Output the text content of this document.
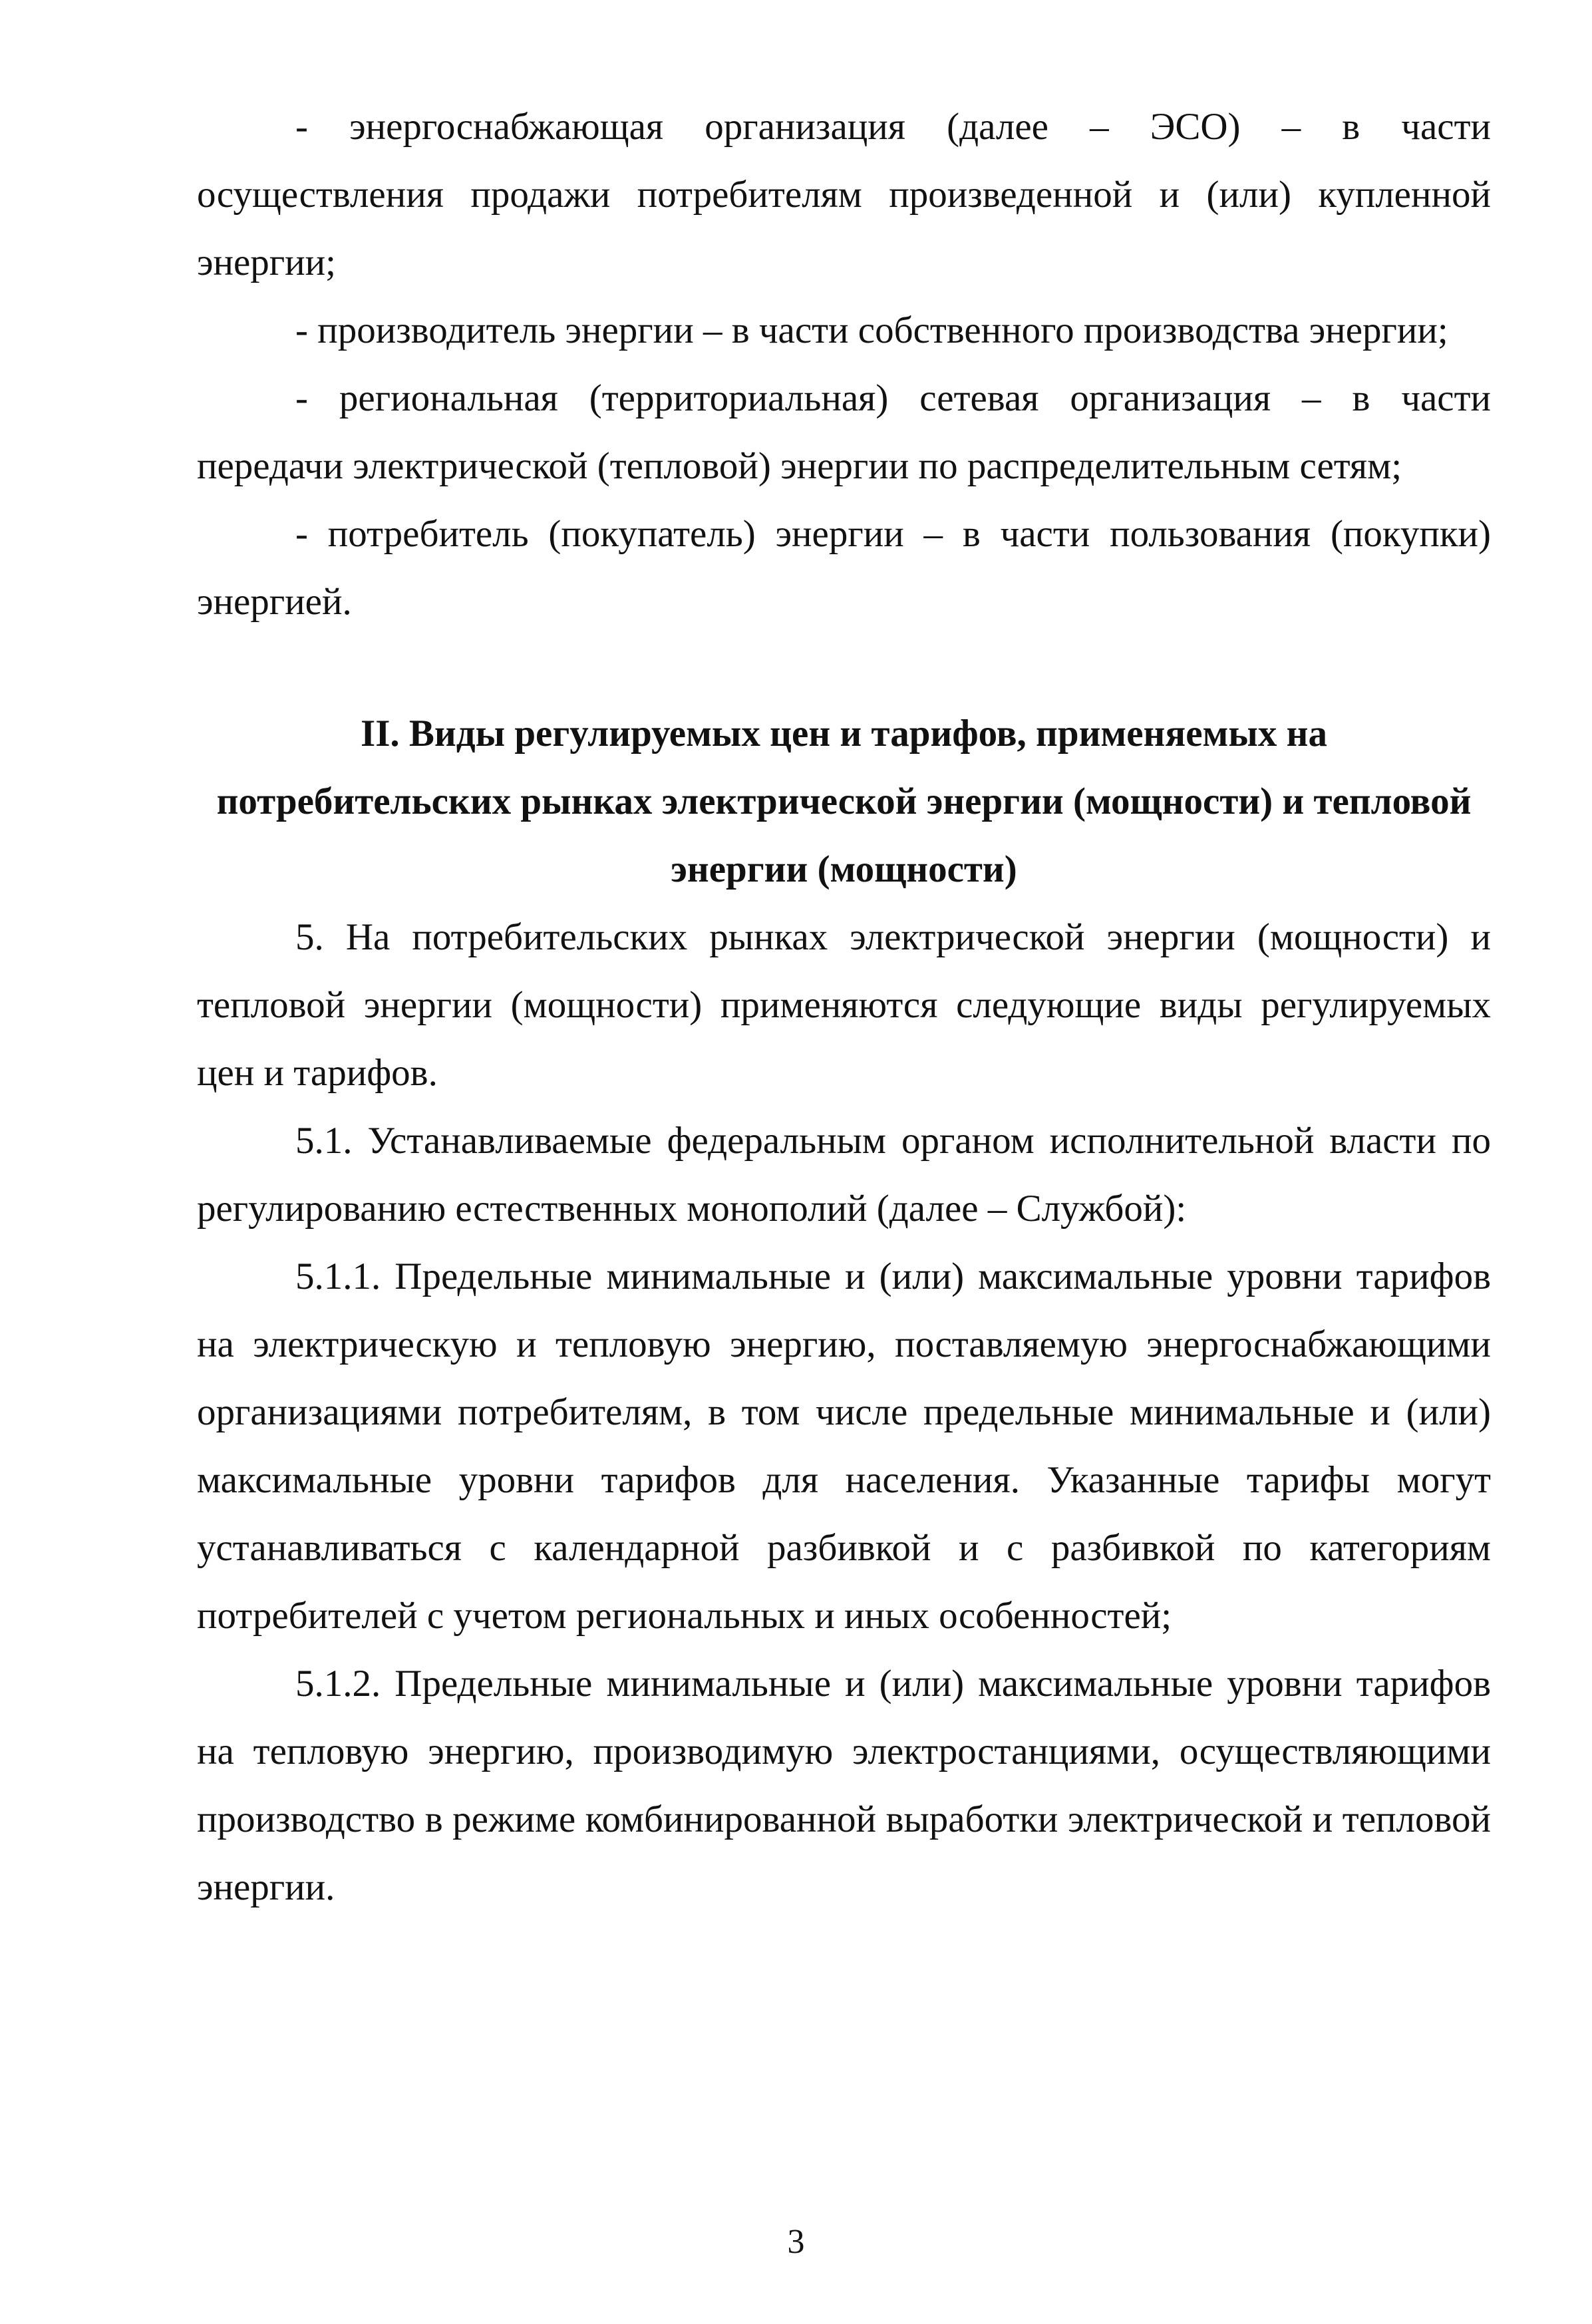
- энергоснабжающая организация (далее – ЭСО) – в части осуществления продажи потребителям произведенной и (или) купленной энергии;

- производитель энергии – в части собственного производства энергии;

- региональная (территориальная) сетевая организация – в части передачи электрической (тепловой) энергии по распределительным сетям;

- потребитель (покупатель) энергии – в части пользования (покупки) энергией.

II. Виды регулируемых цен и тарифов, применяемых на
потребительских рынках электрической энергии (мощности) и тепловой
энергии (мощности)

5. На потребительских рынках электрической энергии (мощности) и тепловой энергии (мощности) применяются следующие виды регулируемых цен и тарифов.

5.1. Устанавливаемые федеральным органом исполнительной власти по регулированию естественных монополий (далее – Службой):

5.1.1. Предельные минимальные и (или) максимальные уровни тарифов на электрическую и тепловую энергию, поставляемую энергоснабжающими организациями потребителям, в том числе предельные минимальные и (или) максимальные уровни тарифов для населения. Указанные тарифы могут устанавливаться с календарной разбивкой и с разбивкой по категориям потребителей с учетом региональных и иных особенностей;

5.1.2. Предельные минимальные и (или) максимальные уровни тарифов на тепловую энергию, производимую электростанциями, осуществляющими производство в режиме комбинированной выработки электрической и тепловой энергии.

3
